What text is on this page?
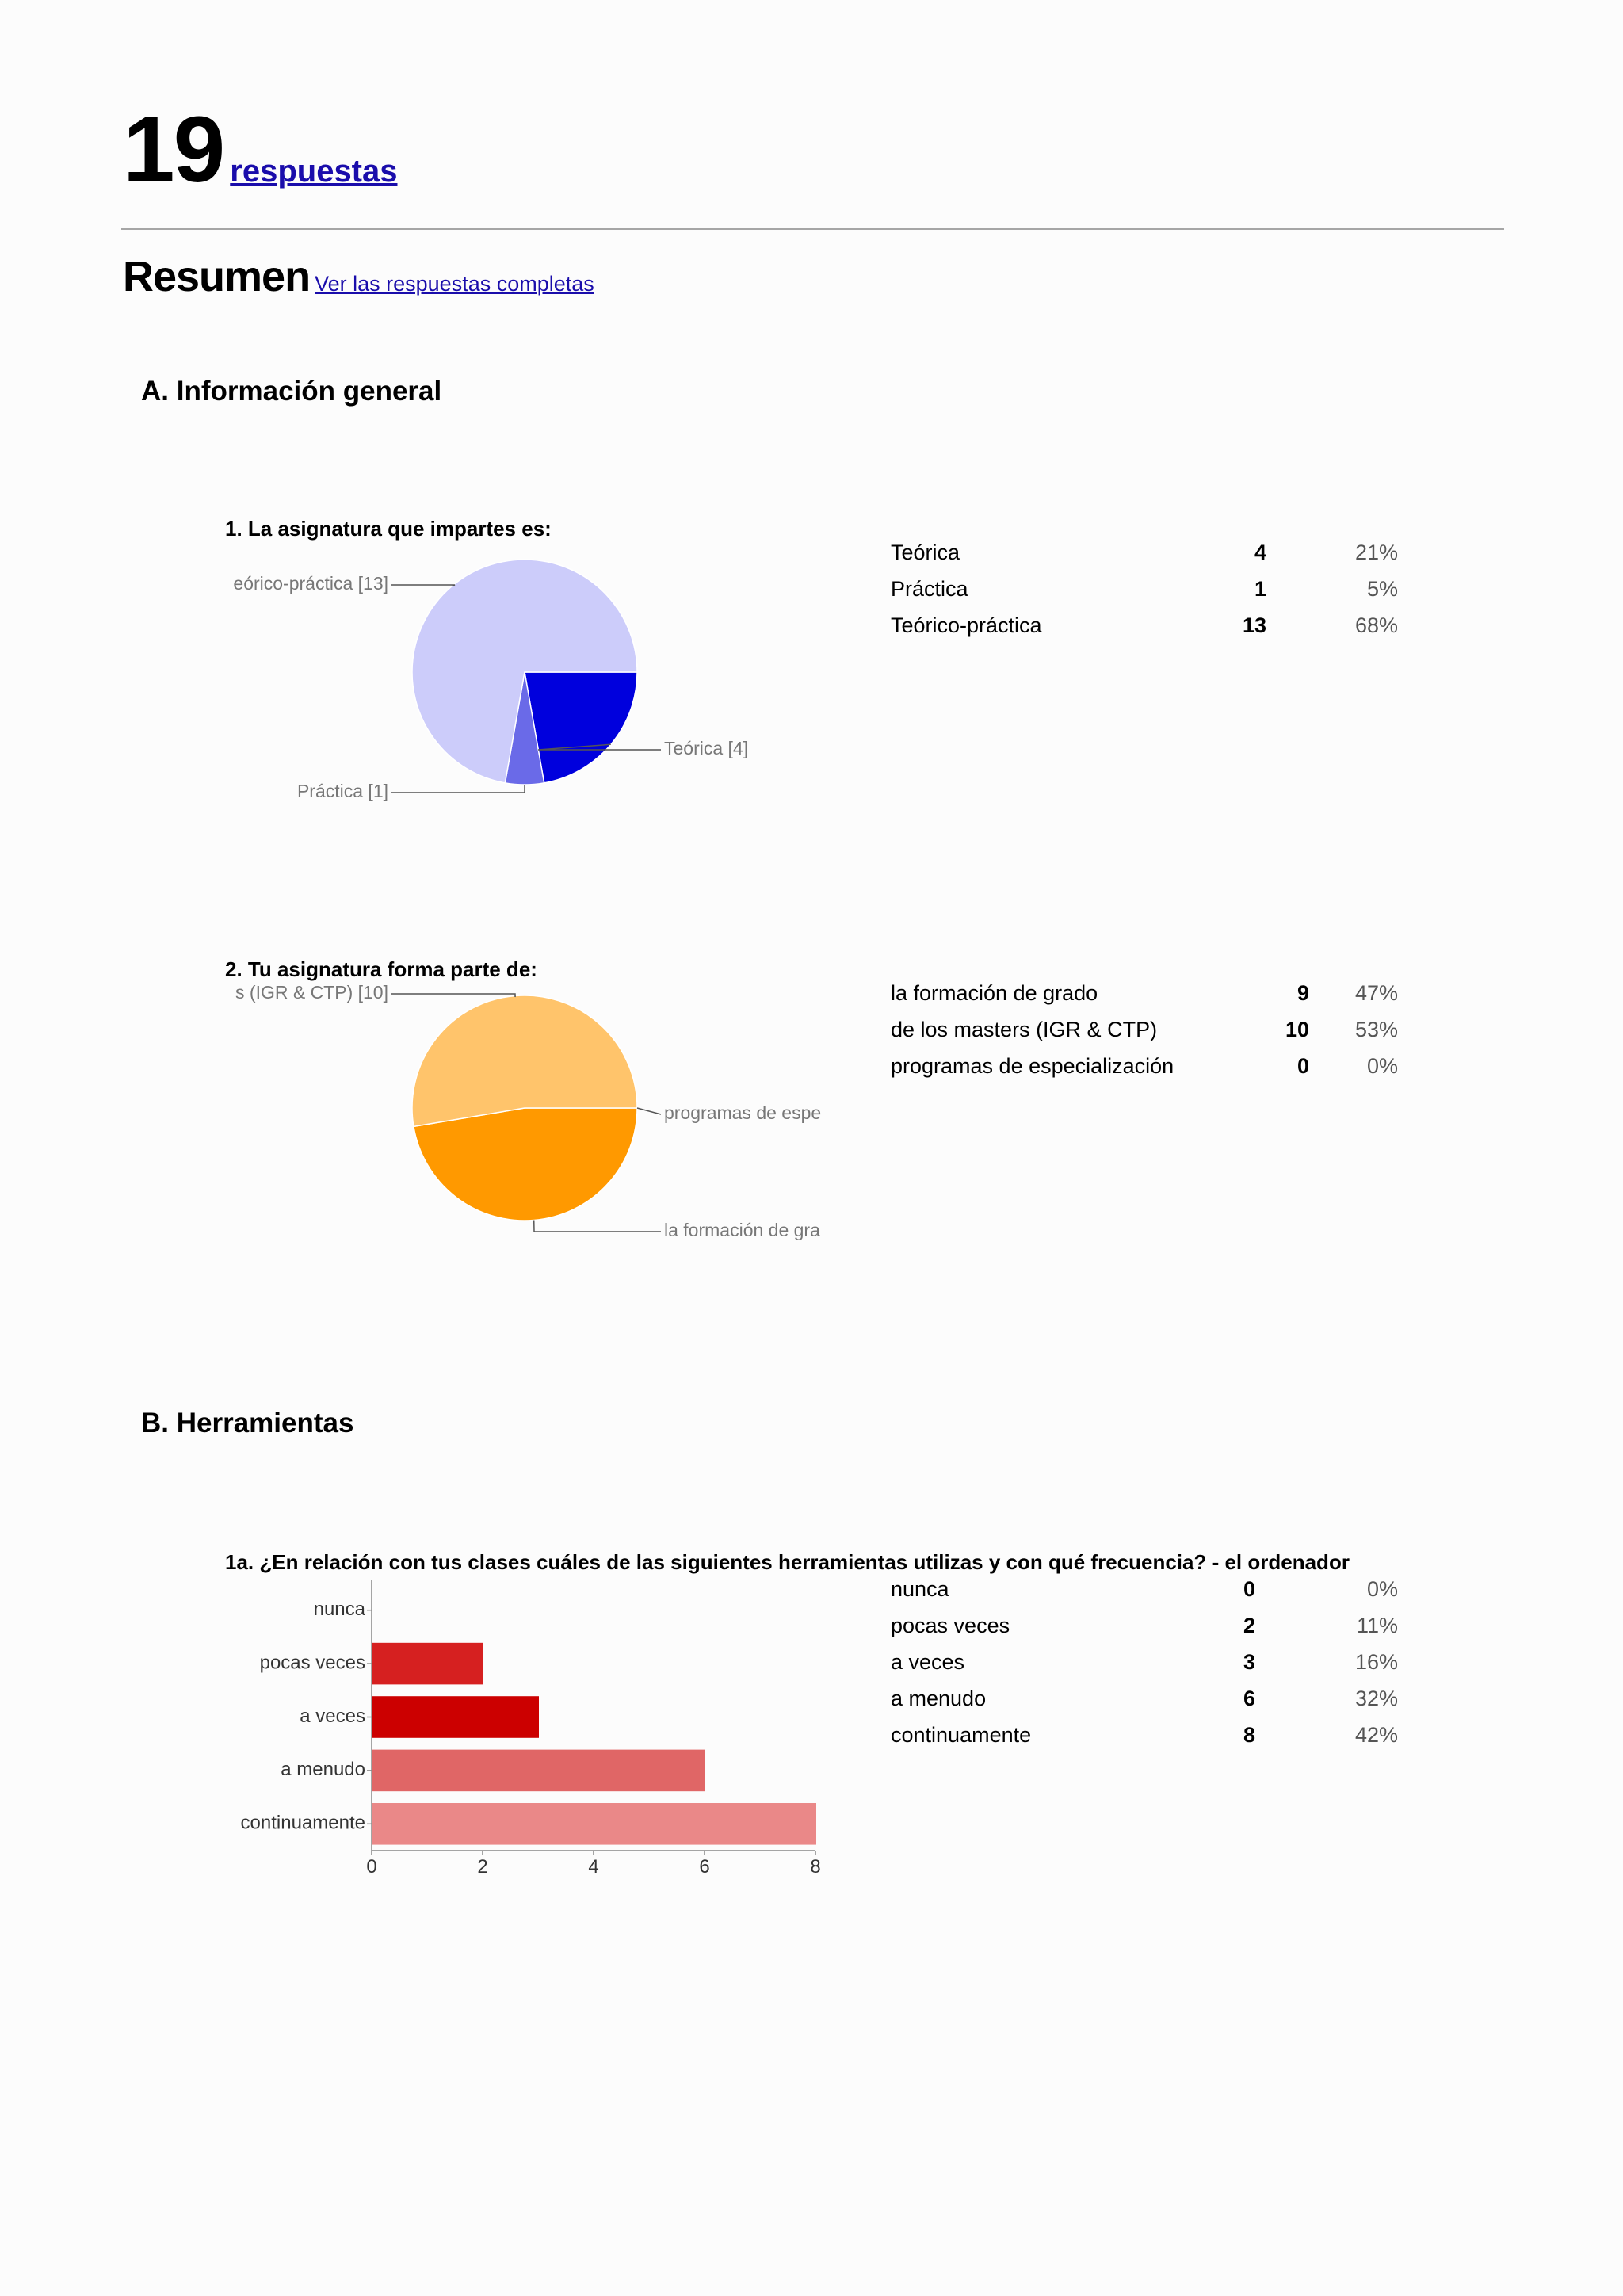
19 respuestas
Resumen Ver las respuestas completas
A. Información general
1. La asignatura que impartes es:
Teórica [4]
Práctica [1]
eórico-práctica [13]
Teórica	4	21%
Práctica	1	5%
Teórico-práctica	13	68%
2. Tu asignatura forma parte de:
la formación de gra
s (IGR & CTP) [10]
programas de espe
la formación de grado	9	47%
de los masters (IGR & CTP)	10	53%
programas de especialización	0	0%
B. Herramientas
1a. ¿En relación con tus clases cuáles de las siguientes herramientas utilizas y con qué frecuencia? - el ordenador
nunca
pocas veces
a veces
a menudo
continuamente
0	2	4	6	8
nunca	0	0%
pocas veces	2	11%
a veces	3	16%
a menudo	6	32%
continuamente	8	42%
